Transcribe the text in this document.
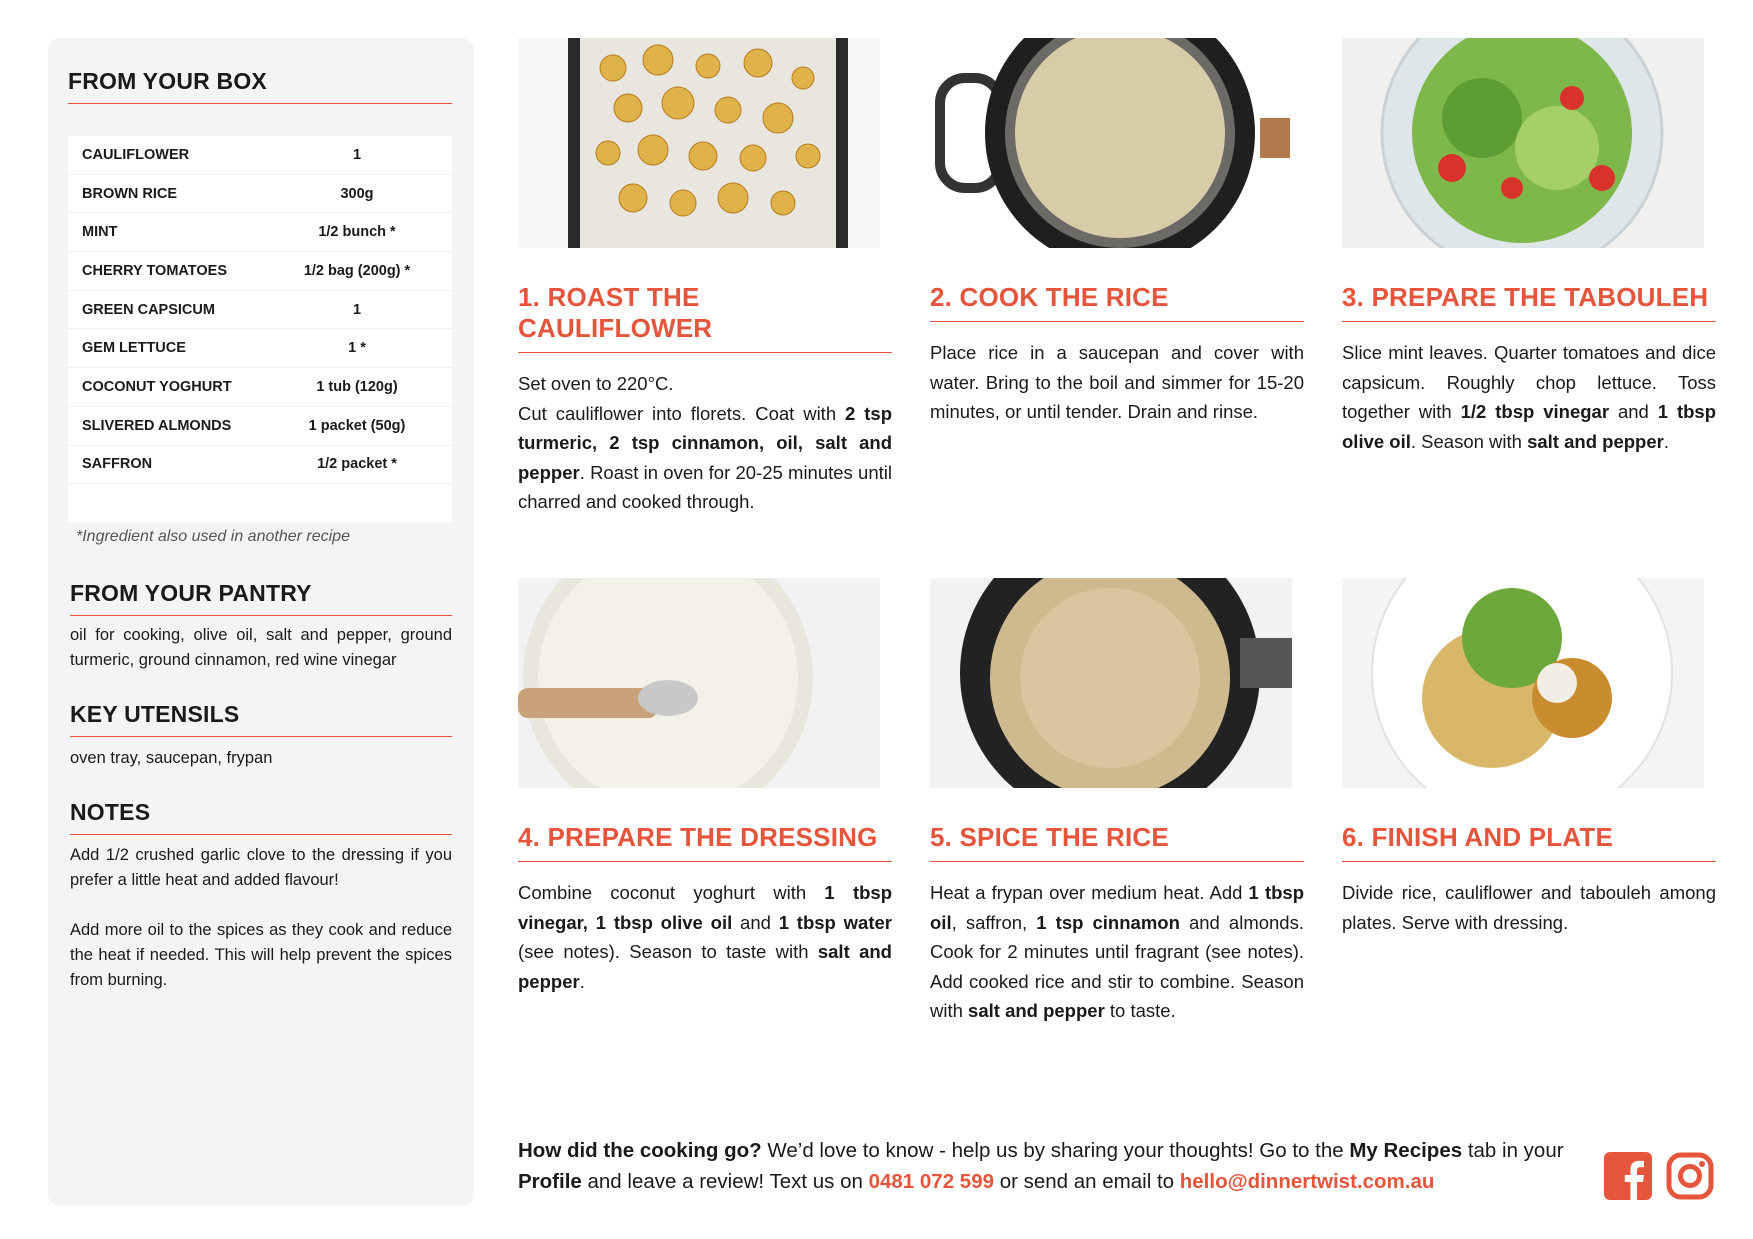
FROM YOUR BOX
CAULIFLOWER	1
BROWN RICE	300g
MINT	1/2 bunch *
CHERRY TOMATOES	1/2 bag (200g) *
GREEN CAPSICUM	1
GEM LETTUCE	1 *
COCONUT YOGHURT	1 tub (120g)
SLIVERED ALMONDS	1 packet (50g)
SAFFRON	1/2 packet *
*Ingredient also used in another recipe
FROM YOUR PANTRY
oil for cooking, olive oil, salt and pepper, ground turmeric, ground cinnamon, red wine vinegar
KEY UTENSILS
oven tray, saucepan, frypan
NOTES
Add 1/2 crushed garlic clove to the dressing if you prefer a little heat and added flavour!
Add more oil to the spices as they cook and reduce the heat if needed. This will help prevent the spices from burning.
1. ROAST THE CAULIFLOWER
Set oven to 220°C.
Cut cauliflower into florets. Coat with 2 tsp turmeric, 2 tsp cinnamon, oil, salt and pepper. Roast in oven for 20-25 minutes until charred and cooked through.
2. COOK THE RICE
Place rice in a saucepan and cover with water. Bring to the boil and simmer for 15-20 minutes, or until tender. Drain and rinse.
3. PREPARE THE TABOULEH
Slice mint leaves. Quarter tomatoes and dice capsicum. Roughly chop lettuce. Toss together with 1/2 tbsp vinegar and 1 tbsp olive oil. Season with salt and pepper.
4. PREPARE THE DRESSING
Combine coconut yoghurt with 1 tbsp vinegar, 1 tbsp olive oil and 1 tbsp water (see notes). Season to taste with salt and pepper.
5. SPICE THE RICE
Heat a frypan over medium heat. Add 1 tbsp oil, saffron, 1 tsp cinnamon and almonds. Cook for 2 minutes until fragrant (see notes). Add cooked rice and stir to combine. Season with salt and pepper to taste.
6. FINISH AND PLATE
Divide rice, cauliflower and tabouleh among plates. Serve with dressing.
How did the cooking go? We’d love to know - help us by sharing your thoughts! Go to the My Recipes tab in your Profile and leave a review! Text us on 0481 072 599 or send an email to hello@dinnertwist.com.au
